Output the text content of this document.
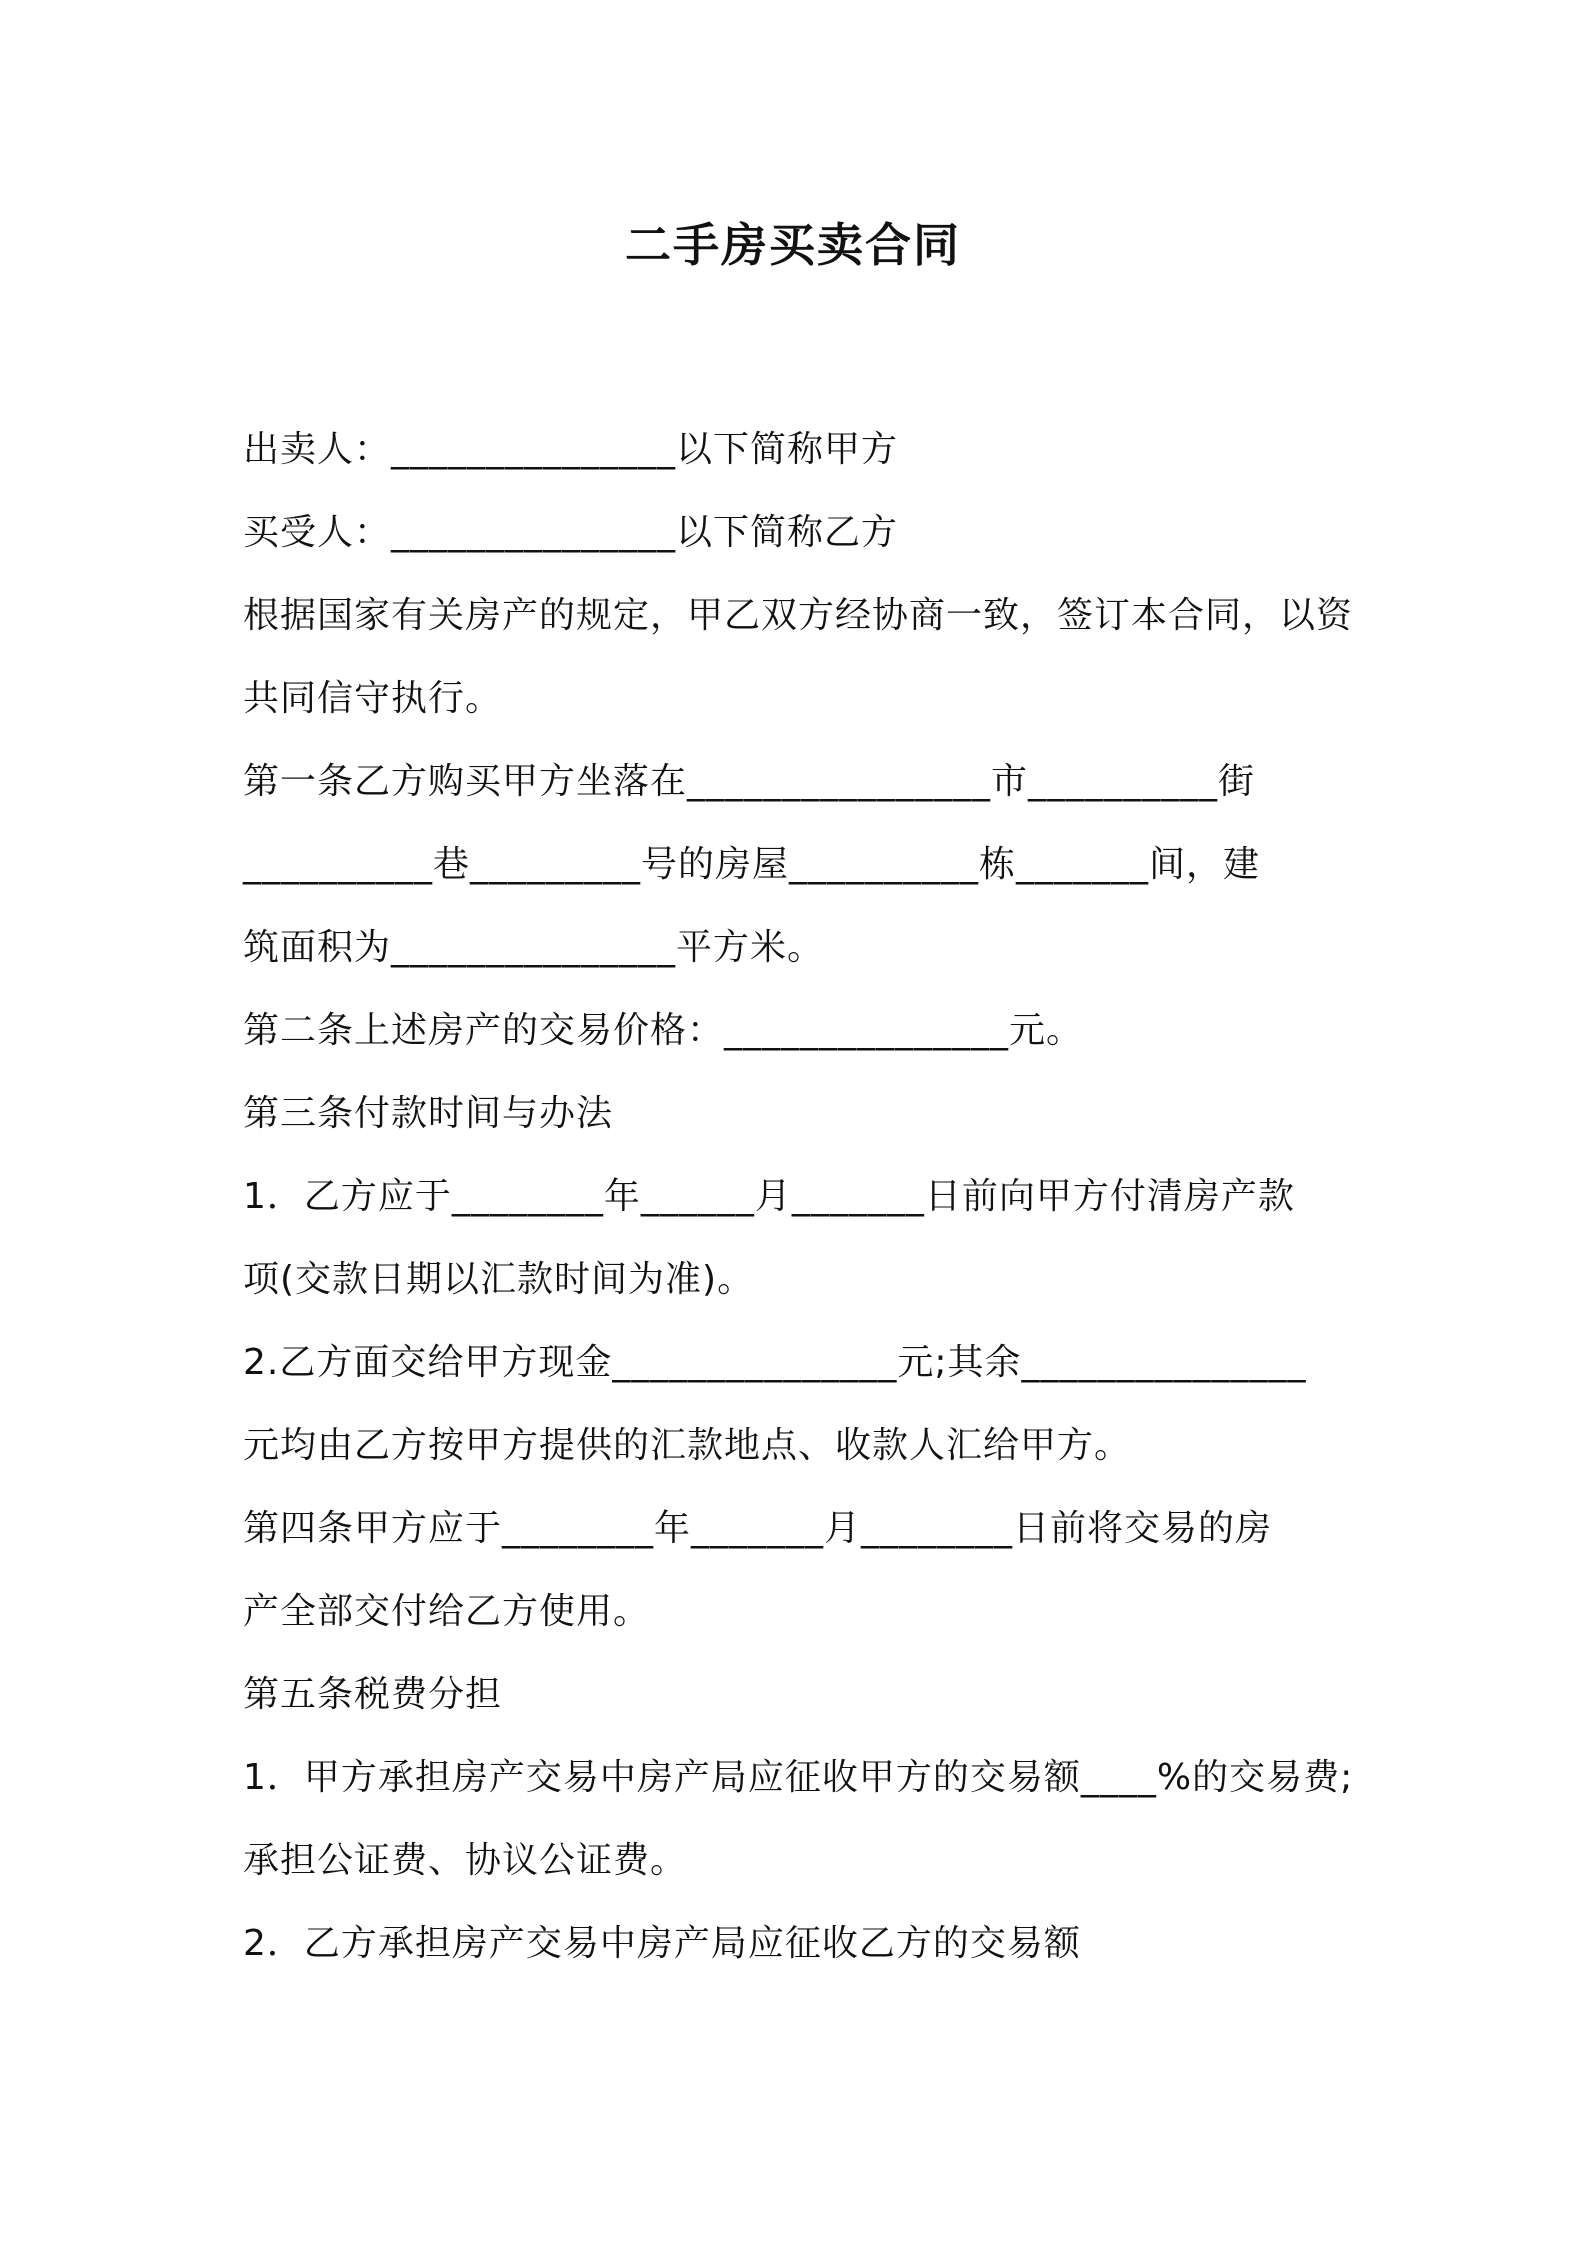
二手房买卖合同
出卖人：_______________以下简称甲方
买受人：_______________以下简称乙方
根据国家有关房产的规定，甲乙双方经协商一致，签订本合同，以资
共同信守执行。
第一条乙方购买甲方坐落在________________市__________街
__________巷_________号的房屋__________栋_______间，建
筑面积为_______________平方米。
第二条上述房产的交易价格：_______________元。
第三条付款时间与办法
1．乙方应于________年______月_______日前向甲方付清房产款
项(交款日期以汇款时间为准)。
2.乙方面交给甲方现金_______________元;其余_______________
元均由乙方按甲方提供的汇款地点、收款人汇给甲方。
第四条甲方应于________年_______月________日前将交易的房
产全部交付给乙方使用。
第五条税费分担
1．甲方承担房产交易中房产局应征收甲方的交易额____%的交易费;
承担公证费、协议公证费。
2．乙方承担房产交易中房产局应征收乙方的交易额
